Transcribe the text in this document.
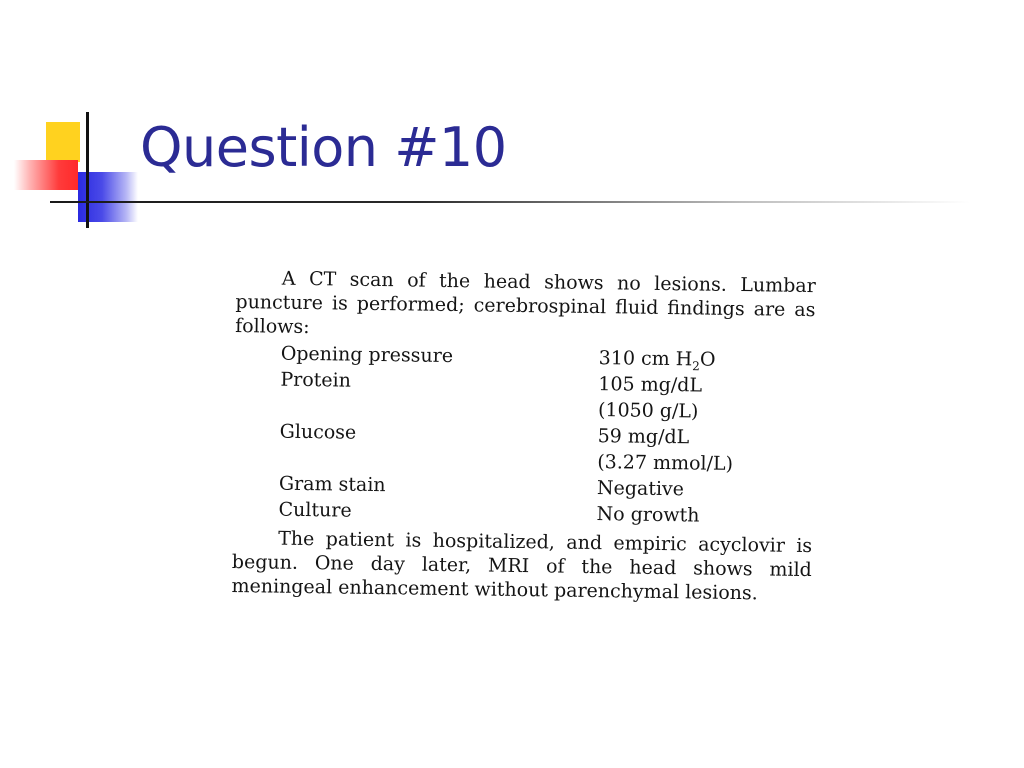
Question #10

A CT scan of the head shows no lesions. Lumbar puncture is performed; cerebrospinal fluid findings are as follows:

Opening pressure	310 cm $H_2O$
Protein	105 mg/dL
(1050 g/L)

Glucose	59 mg/dL
(3.27 mmol/L)

Gram stain	Negative
Culture	No growth

The patient is hospitalized, and empiric acyclovir is begun. One day later, MRI of the head shows mild meningeal enhancement without parenchymal lesions.
